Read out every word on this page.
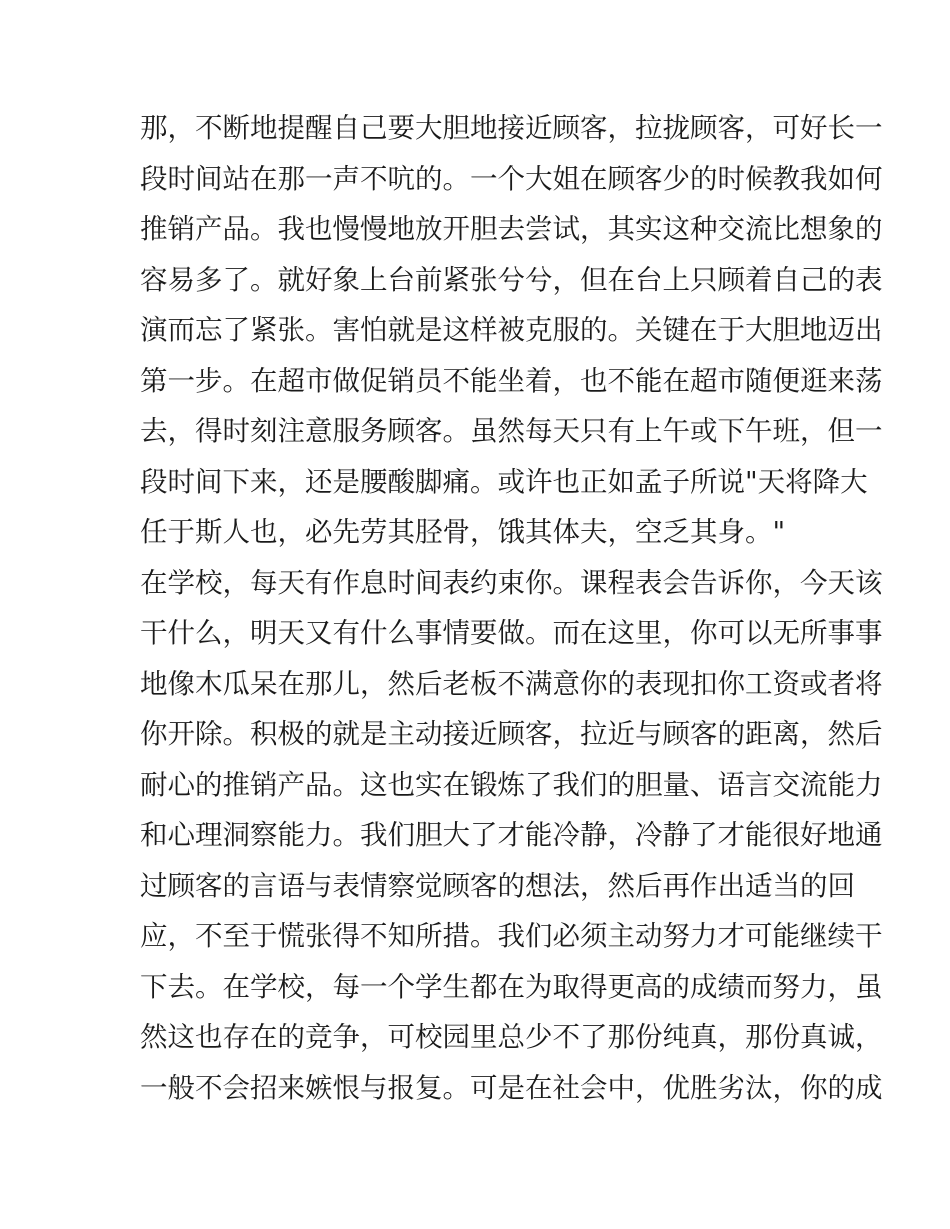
那，不断地提醒自己要大胆地接近顾客，拉拢顾客，可好长一
段时间站在那一声不吭的。一个大姐在顾客少的时候教我如何
推销产品。我也慢慢地放开胆去尝试，其实这种交流比想象的
容易多了。就好象上台前紧张兮兮，但在台上只顾着自己的表
演而忘了紧张。害怕就是这样被克服的。关键在于大胆地迈出
第一步。在超市做促销员不能坐着，也不能在超市随便逛来荡
去，得时刻注意服务顾客。虽然每天只有上午或下午班，但一
段时间下来，还是腰酸脚痛。或许也正如孟子所说"天将降大
任于斯人也，必先劳其胫骨，饿其体夫，空乏其身。"
在学校，每天有作息时间表约束你。课程表会告诉你，今天该
干什么，明天又有什么事情要做。而在这里，你可以无所事事
地像木瓜呆在那儿，然后老板不满意你的表现扣你工资或者将
你开除。积极的就是主动接近顾客，拉近与顾客的距离，然后
耐心的推销产品。这也实在锻炼了我们的胆量、语言交流能力
和心理洞察能力。我们胆大了才能冷静，冷静了才能很好地通
过顾客的言语与表情察觉顾客的想法，然后再作出适当的回
应，不至于慌张得不知所措。我们必须主动努力才可能继续干
下去。在学校，每一个学生都在为取得更高的成绩而努力，虽
然这也存在的竞争，可校园里总少不了那份纯真，那份真诚，
一般不会招来嫉恨与报复。可是在社会中，优胜劣汰，你的成
